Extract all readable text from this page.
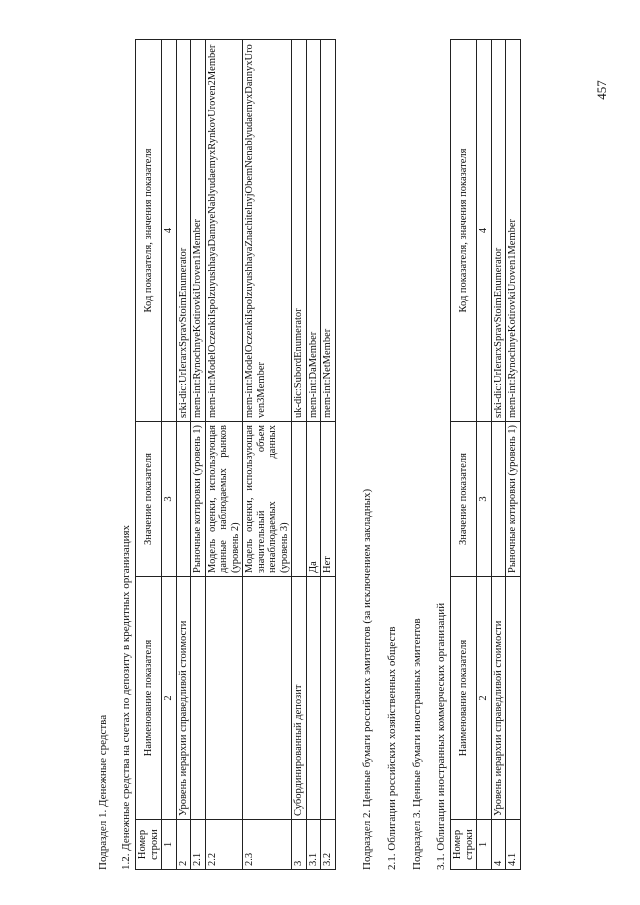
457
Подраздел 1. Денежные средства 1.2. Денежные средства на счетах по депозиту в кредитных организациях Номер строки	Наименование показателя	Значение показателя	Код показателя, значения показателя
1	2	3	4
2	Уровень иерархии справедливой стоимости		srki-dic:UrIerarxSpravStoimEnumerator
2.1		Рыночные котировки (уровень 1)	mem-int:RynochnyeKotirovkiUroven1Member
2.2		Модель оценки, использующая данные наблюдаемых рынков (уровень 2)	mem-int:ModelOczenkiIspolzuyushhayaDannyeNablyudaemyxRynkovUroven2Member
2.3		Модель оценки, использующая значительный объем ненаблюдаемых данных (уровень 3)	mem-int:ModelOczenkiIspolzuyushhayaZnachitelnyjObemNenablyudaemyxDannyxUroven3Member
3	Субординированный депозит		uk-dic:SubordEnumerator
3.1		Да	mem-int:DaMember
3.2		Нет	mem-int:NetMember
Подраздел 2. Ценные бумаги российских эмитентов (за исключением закладных) 2.1. Облигации российских хозяйственных обществ Подраздел 3. Ценные бумаги иностранных эмитентов 3.1. Облигации иностранных коммерческих организаций Номер строки	Наименование показателя	Значение показателя	Код показателя, значения показателя
1	2	3	4
4	Уровень иерархии справедливой стоимости		srki-dic:UrIerarxSpravStoimEnumerator
4.1		Рыночные котировки (уровень 1)	mem-int:RynochnyeKotirovkiUroven1Member
